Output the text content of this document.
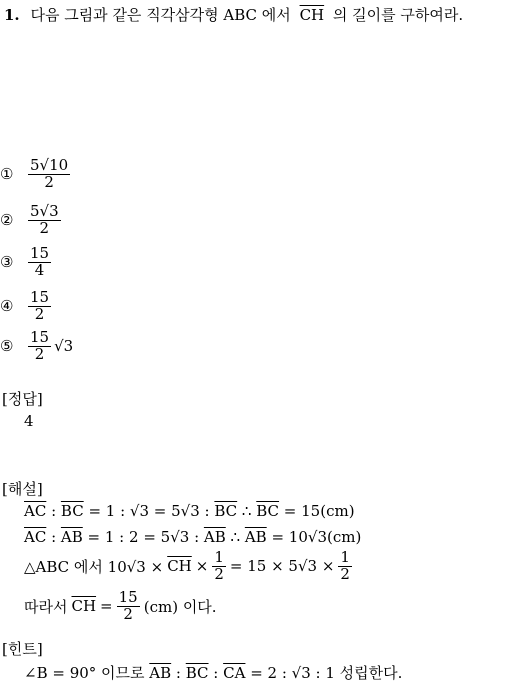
1. 다음 그림과 같은 직각삼각형 ABC 에서 $\overline{CH}$ 의 길이를 구하여라.
① $\frac{5√10}{2}$
② $\frac{5√3}{2}$
③ $\frac{15}{4}$
④ $\frac{15}{2}$
⑤ $\frac{15}{2} √3$
[정답]
4
[해설]
$\overline{AC}$ : $\overline{BC} = 1$ : √3 = 5√3 : $\overline{BC}$ ∴ $\overline{BC} = 15(cm)$
$\overline{AC}$ : $\overline{AB} = 1$ : 2 = 5√3 : $\overline{AB}$ ∴ $\overline{AB} = 10√3(cm)$
△ABC 에서 $10√3 \times \overline{CH} \times \frac{1}{2} = 15 \times 5√3 \times \frac{1}{2}$
따라서 $\overline{CH} = \frac{15}{2} (cm)$ 이다.
[힌트]
∠B = 90° 이므로 $\overline{AB}$ : $\overline{BC}$ : $\overline{CA} = 2$ : √3 : 1 성립한다.
